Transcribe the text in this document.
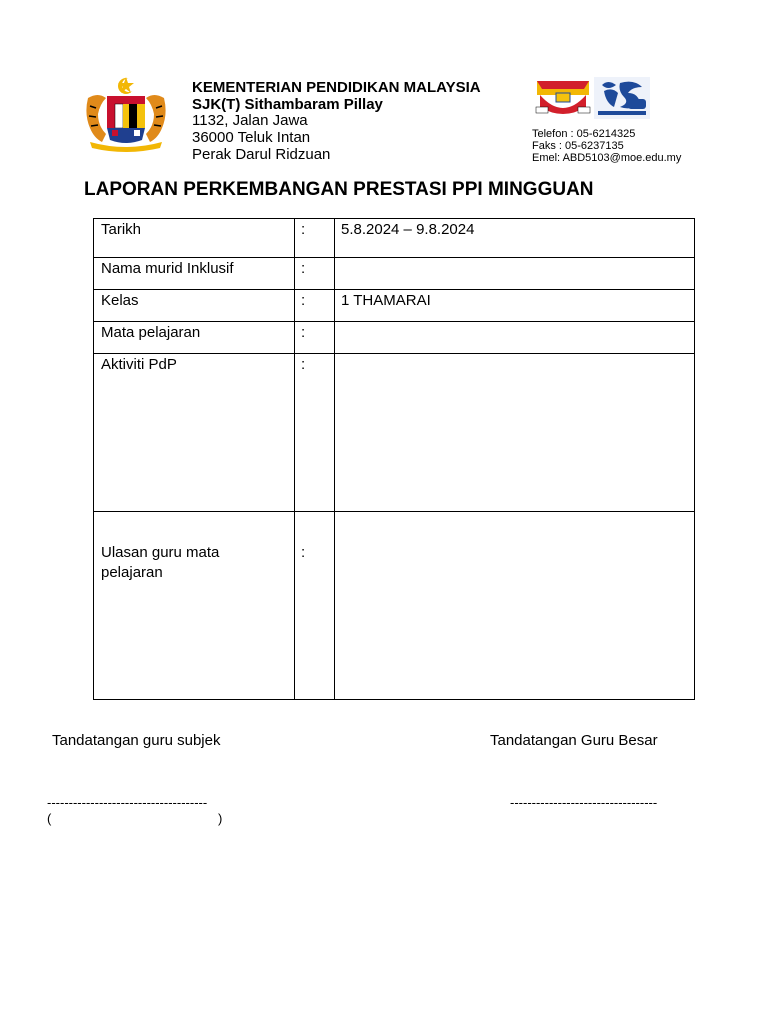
KEMENTERIAN PENDIDIKAN MALAYSIA
SJK(T) Sithambaram Pillay
1132, Jalan Jawa
36000 Teluk Intan
Perak Darul Ridzuan
Telefon : 05-6214325
Faks : 05-6237135
Emel: ABD5103@moe.edu.my
LAPORAN PERKEMBANGAN PRESTASI PPI MINGGUAN
Tarikh	:	5.8.2024 – 9.8.2024

Nama murid Inklusif	:	

Kelas	:	1 THAMARAI

Mata pelajaran	:	

Aktiviti PdP	:	

Ulasan guru mata pelajaran	:	

Tandatangan guru subjek	Tandatangan Guru Besar
-------------------------------------	----------------------------------
(	)
